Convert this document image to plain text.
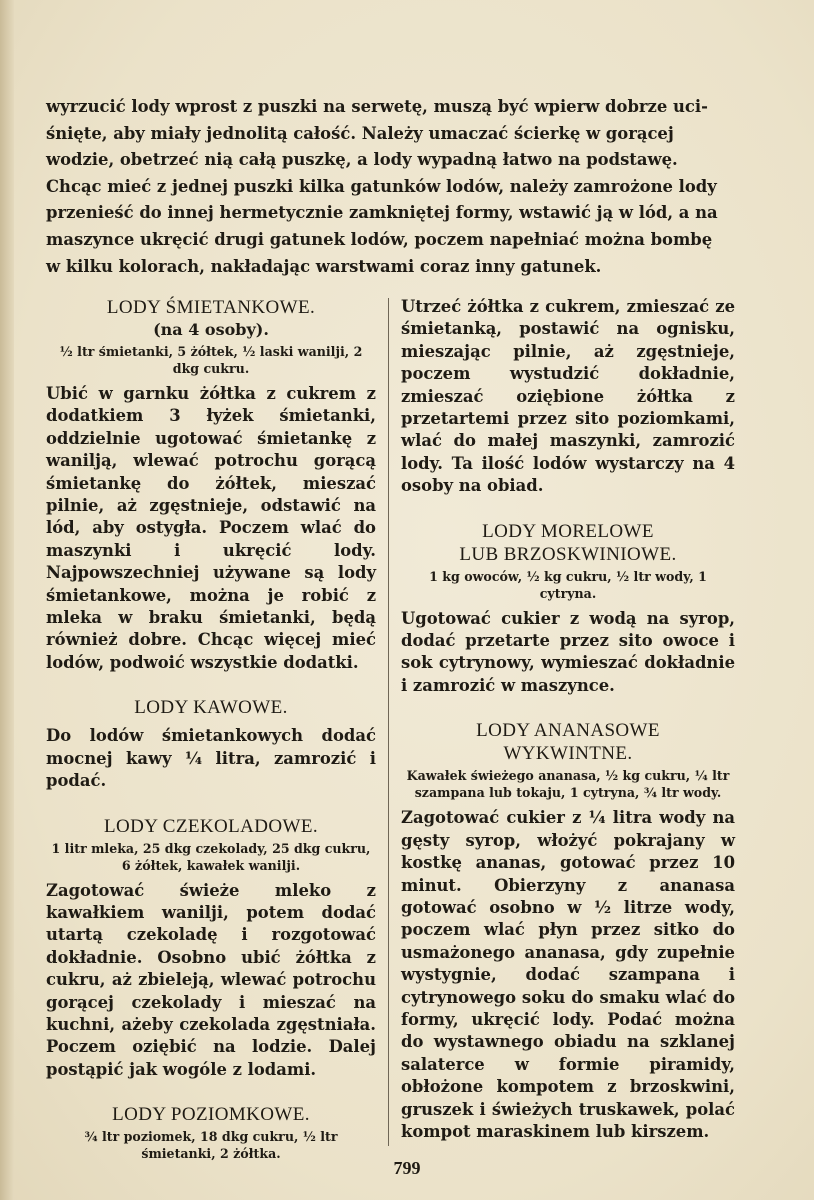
wyrzucić lody wprost z puszki na serwetę, muszą być wpierw dobrze uci-
śnięte, aby miały jednolitą całość. Należy umaczać ścierkę w gorącej
wodzie, obetrzeć nią całą puszkę, a lody wypadną łatwo na podstawę.
Chcąc mieć z jednej puszki kilka gatunków lodów, należy zamrożone lody
przenieść do innej hermetycznie zamkniętej formy, wstawić ją w lód, a na
maszynce ukręcić drugi gatunek lodów, poczem napełniać można bombę
w kilku kolorach, nakładając warstwami coraz inny gatunek.
LODY ŚMIETANKOWE.

(na 4 osoby).

½ ltr śmietanki, 5 żółtek, ½ laski wanilji, 2 dkg cukru.

Ubić w garnku żółtka z cukrem z dodatkiem 3 łyżek śmietanki, oddzielnie ugotować śmietankę z wanilją, wlewać potrochu gorącą śmietankę do żółtek, mieszać pilnie, aż zgęstnieje, odstawić na lód, aby ostygła. Poczem wlać do maszynki i ukręcić lody. Najpowszechniej używane są lody śmietankowe, można je robić z mleka w braku śmietanki, będą również dobre. Chcąc więcej mieć lodów, podwoić wszystkie dodatki.

LODY KAWOWE.

Do lodów śmietankowych dodać mocnej kawy ¼ litra, zamrozić i podać.

LODY CZEKOLADOWE.

1 litr mleka, 25 dkg czekolady, 25 dkg cukru, 6 żółtek, kawałek wanilji.

Zagotować świeże mleko z kawałkiem wanilji, potem dodać utartą czekoladę i rozgotować dokładnie. Osobno ubić żółtka z cukru, aż zbieleją, wlewać potrochu gorącej czekolady i mieszać na kuchni, ażeby czekolada zgęstniała. Poczem oziębić na lodzie. Dalej postąpić jak wogóle z lodami.

LODY POZIOMKOWE.

¾ ltr poziomek, 18 dkg cukru, ½ ltr śmietanki, 2 żółtka.

Utrzeć żółtka z cukrem, zmieszać ze śmietanką, postawić na ognisku, mieszając pilnie, aż zgęstnieje, poczem wystudzić dokładnie, zmieszać oziębione żółtka z przetartemi przez sito poziomkami, wlać do małej maszynki, zamrozić lody. Ta ilość lodów wystarczy na 4 osoby na obiad.

LODY MORELOWE
LUB BRZOSKWINIOWE.

1 kg owoców, ½ kg cukru, ½ ltr wody, 1 cytryna.

Ugotować cukier z wodą na syrop, dodać przetarte przez sito owoce i sok cytrynowy, wymieszać dokładnie i zamrozić w maszynce.

LODY ANANASOWE
WYKWINTNE.

Kawałek świeżego ananasa, ½ kg cukru, ¼ ltr szampana lub tokaju, 1 cytryna, ¾ ltr wody.

Zagotować cukier z ¼ litra wody na gęsty syrop, włożyć pokrajany w kostkę ananas, gotować przez 10 minut. Obierzyny z ananasa gotować osobno w ½ litrze wody, poczem wlać płyn przez sitko do usmażonego ananasa, gdy zupełnie wystygnie, dodać szampana i cytrynowego soku do smaku wlać do formy, ukręcić lody. Podać można do wystawnego obiadu na szklanej salaterce w formie piramidy, obłożone kompotem z brzoskwini, gruszek i świeżych truskawek, polać kompot maraskinem lub kirszem.

799
